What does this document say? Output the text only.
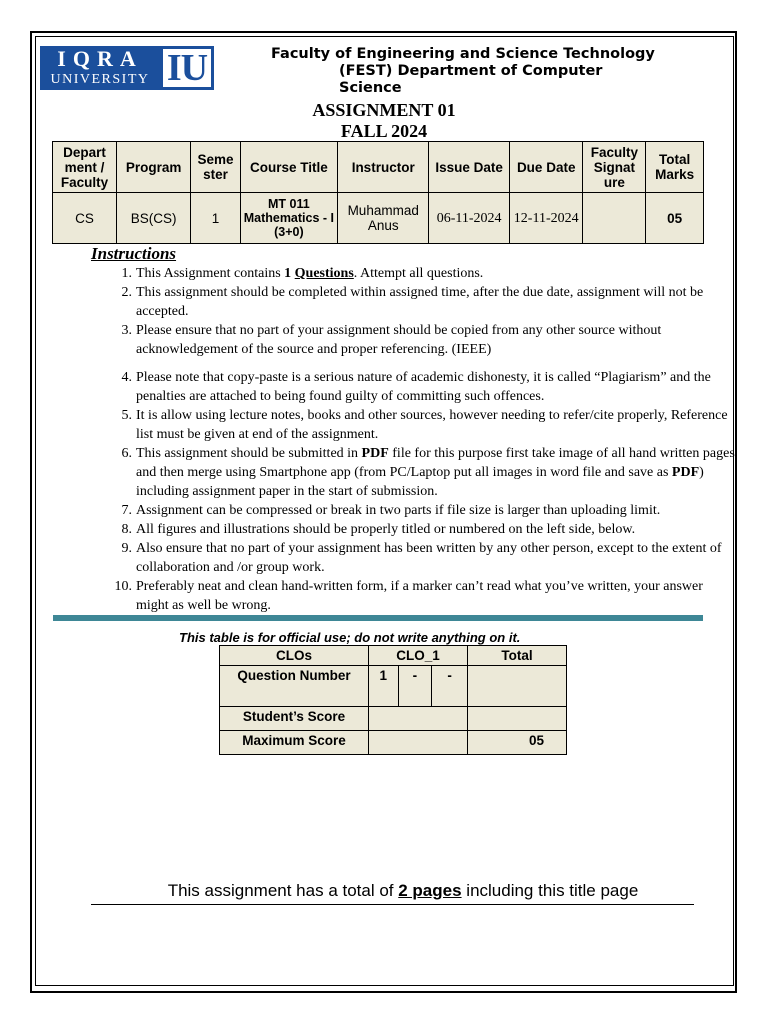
IQRA
UNIVERSITY IU	Faculty of Engineering and Science Technology
(FEST) Department of Computer
Science
ASSIGNMENT 01
FALL 2024
Depart ment / Faculty	Program	Seme ster	Course Title	Instructor	Issue Date	Due Date	Faculty Signat ure	Total Marks
CS	BS(CS)	1	MT 011 Mathematics - I (3+0)	Muhammad Anus	06-11-2024	12-11-2024		05
Instructions
1. This Assignment contains 1 Questions. Attempt all questions.
2. This assignment should be completed within assigned time, after the due date, assignment will not be accepted.
3. Please ensure that no part of your assignment should be copied from any other source without acknowledgement of the source and proper referencing. (IEEE)
4. Please note that copy-paste is a serious nature of academic dishonesty, it is called “Plagiarism” and the penalties are attached to being found guilty of committing such offences.
5. It is allow using lecture notes, books and other sources, however needing to refer/cite properly, Reference list must be given at end of the assignment.
6. This assignment should be submitted in PDF file for this purpose first take image of all hand written pages and then merge using Smartphone app (from PC/Laptop put all images in word file and save as PDF) including assignment paper in the start of submission.
7. Assignment can be compressed or break in two parts if file size is larger than uploading limit.
8. All figures and illustrations should be properly titled or numbered on the left side, below.
9. Also ensure that no part of your assignment has been written by any other person, except to the extent of collaboration and /or group work.
10. Preferably neat and clean hand-written form, if a marker can’t read what you’ve written, your answer might as well be wrong.
This table is for official use; do not write anything on it.
CLOs	CLO_1			Total
Question Number	1	-	-	
Student’s Score				
Maximum Score				05
This assignment has a total of 2 pages including this title page
